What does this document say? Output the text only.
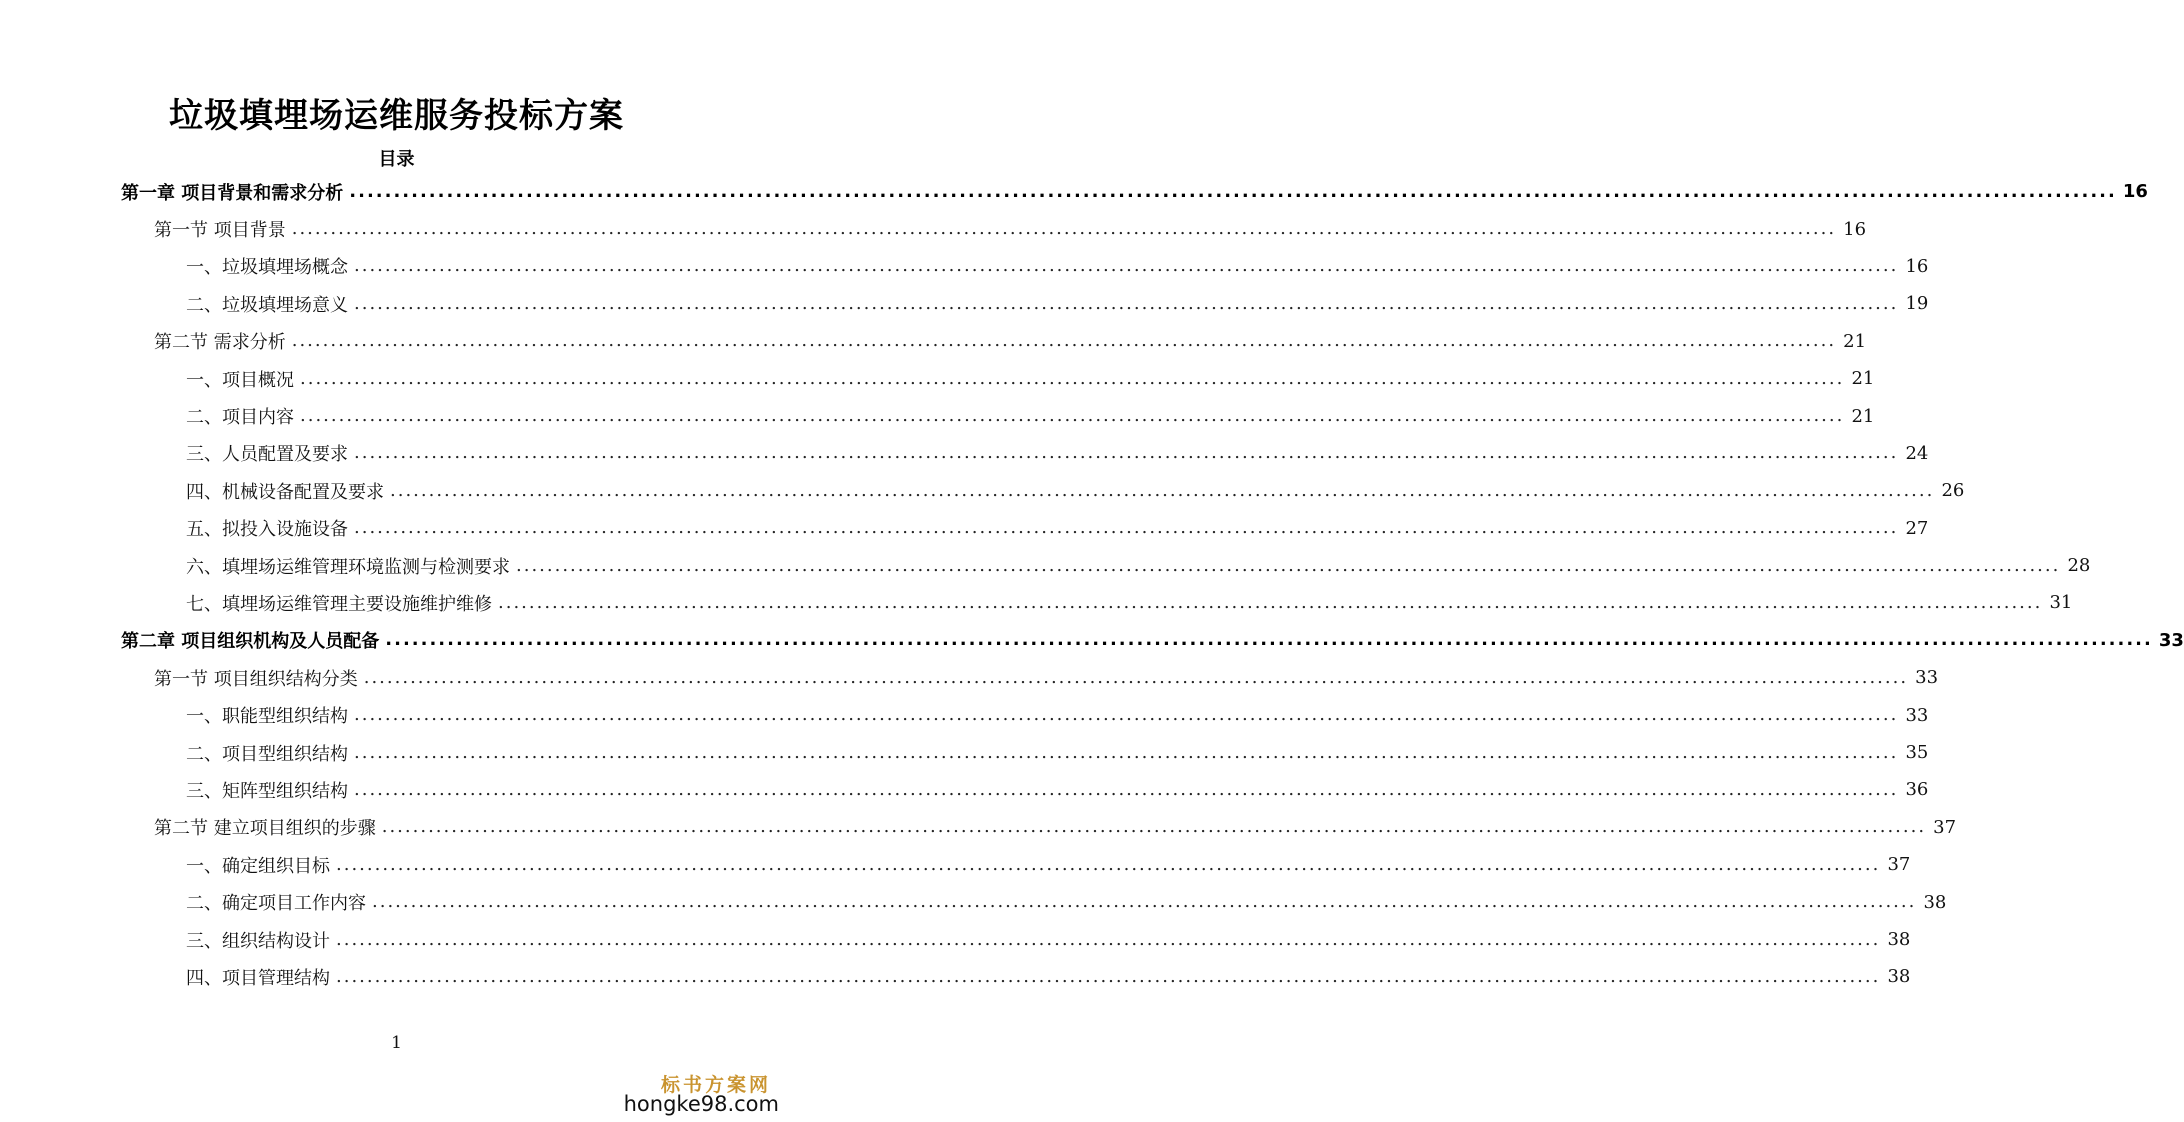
垃圾填埋场运维服务投标方案
目录
第一章 项目背景和需求分析 ........................................................................................................................................................................................................ 16
第一节 项目背景 ........................................................................................................................................................................................................ 16
一、垃圾填埋场概念 ........................................................................................................................................................................................................ 16
二、垃圾填埋场意义 ........................................................................................................................................................................................................ 19
第二节 需求分析 ........................................................................................................................................................................................................ 21
一、项目概况 ........................................................................................................................................................................................................ 21
二、项目内容 ........................................................................................................................................................................................................ 21
三、人员配置及要求 ........................................................................................................................................................................................................ 24
四、机械设备配置及要求 ........................................................................................................................................................................................................ 26
五、拟投入设施设备 ........................................................................................................................................................................................................ 27
六、填埋场运维管理环境监测与检测要求 ........................................................................................................................................................................................................ 28
七、填埋场运维管理主要设施维护维修 ........................................................................................................................................................................................................ 31
第二章 项目组织机构及人员配备 ........................................................................................................................................................................................................ 33
第一节 项目组织结构分类 ........................................................................................................................................................................................................ 33
一、职能型组织结构 ........................................................................................................................................................................................................ 33
二、项目型组织结构 ........................................................................................................................................................................................................ 35
三、矩阵型组织结构 ........................................................................................................................................................................................................ 36
第二节 建立项目组织的步骤 ........................................................................................................................................................................................................ 37
一、确定组织目标 ........................................................................................................................................................................................................ 37
二、确定项目工作内容 ........................................................................................................................................................................................................ 38
三、组织结构设计 ........................................................................................................................................................................................................ 38
四、项目管理结构 ........................................................................................................................................................................................................ 38
1
标书方案网
hongke98.com
